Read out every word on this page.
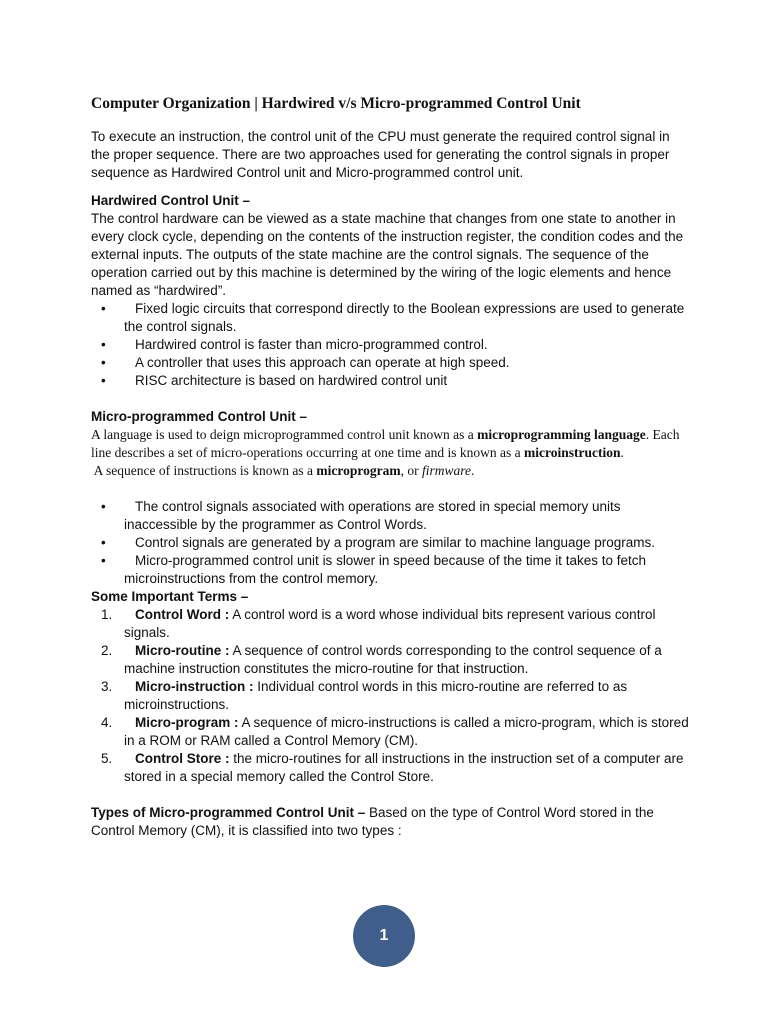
Computer Organization | Hardwired v/s Micro-programmed Control Unit

To execute an instruction, the control unit of the CPU must generate the required control signal in the proper sequence. There are two approaches used for generating the control signals in proper sequence as Hardwired Control unit and Micro-programmed control unit.

Hardwired Control Unit –

The control hardware can be viewed as a state machine that changes from one state to another in every clock cycle, depending on the contents of the instruction register, the condition codes and the external inputs. The outputs of the state machine are the control signals. The sequence of the operation carried out by this machine is determined by the wiring of the logic elements and hence named as “hardwired”.

• Fixed logic circuits that correspond directly to the Boolean expressions are used to generate the control signals.
• Hardwired control is faster than micro-programmed control.
• A controller that uses this approach can operate at high speed.
• RISC architecture is based on hardwired control unit
Micro-programmed Control Unit –

A language is used to deign microprogrammed control unit known as a microprogramming language. Each line describes a set of micro-operations occurring at one time and is known as a microinstruction.

A sequence of instructions is known as a microprogram, or firmware.

• The control signals associated with operations are stored in special memory units inaccessible by the programmer as Control Words.
• Control signals are generated by a program are similar to machine language programs.
• Micro-programmed control unit is slower in speed because of the time it takes to fetch microinstructions from the control memory.
Some Important Terms –
1. Control Word : A control word is a word whose individual bits represent various control signals.
2. Micro-routine : A sequence of control words corresponding to the control sequence of a machine instruction constitutes the micro-routine for that instruction.
3. Micro-instruction : Individual control words in this micro-routine are referred to as microinstructions.
4. Micro-program : A sequence of micro-instructions is called a micro-program, which is stored in a ROM or RAM called a Control Memory (CM).
5. Control Store : the micro-routines for all instructions in the instruction set of a computer are stored in a special memory called the Control Store.

Types of Micro-programmed Control Unit – Based on the type of Control Word stored in the Control Memory (CM), it is classified into two types :

1
